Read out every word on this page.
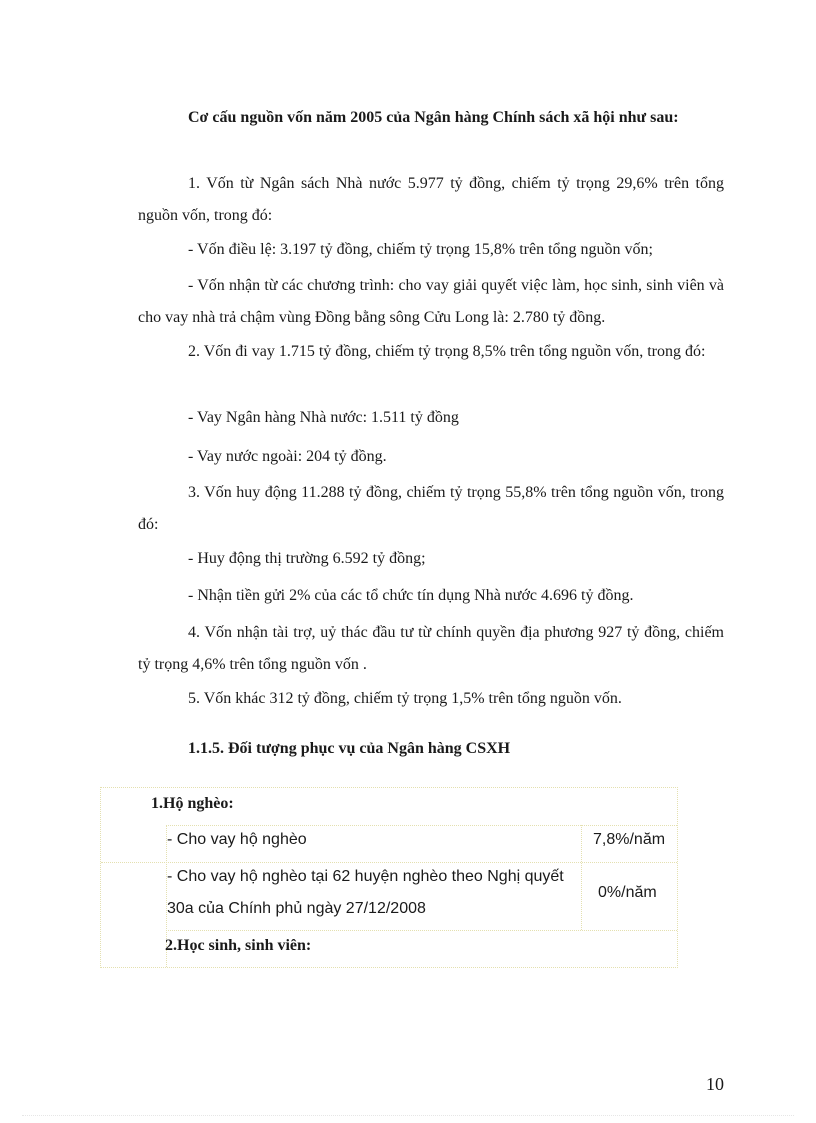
Cơ cấu nguồn vốn năm 2005 của Ngân hàng Chính sách xã hội như sau:

1. Vốn từ Ngân sách Nhà nước 5.977 tỷ đồng, chiếm tỷ trọng 29,6% trên tổng nguồn vốn, trong đó:

- Vốn điều lệ: 3.197 tỷ đồng, chiếm tỷ trọng 15,8% trên tổng nguồn vốn;

- Vốn nhận từ các chương trình: cho vay giải quyết việc làm, học sinh, sinh viên và cho vay nhà trả chậm vùng Đồng bằng sông Cửu Long là: 2.780 tỷ đồng.

2. Vốn đi vay 1.715 tỷ đồng, chiếm tỷ trọng 8,5% trên tổng nguồn vốn, trong đó:

- Vay Ngân hàng Nhà nước: 1.511 tỷ đồng

- Vay nước ngoài: 204 tỷ đồng.

3. Vốn huy động 11.288 tỷ đồng, chiếm tỷ trọng 55,8% trên tổng nguồn vốn, trong đó:

- Huy động thị trường 6.592 tỷ đồng;

- Nhận tiền gửi 2% của các tổ chức tín dụng Nhà nước 4.696 tỷ đồng.

4. Vốn nhận tài trợ, uỷ thác đầu tư từ chính quyền địa phương 927 tỷ đồng, chiếm tỷ trọng 4,6% trên tổng nguồn vốn .

5. Vốn khác 312 tỷ đồng, chiếm tỷ trọng 1,5% trên tổng nguồn vốn.

1.1.5. Đối tượng phục vụ của Ngân hàng CSXH

1.Hộ nghèo:
- Cho vay hộ nghèo	7,8%/năm
- Cho vay hộ nghèo tại 62 huyện nghèo theo Nghị quyết
30a của Chính phủ ngày 27/12/2008
0%/năm
2.Học sinh, sinh viên:
10
